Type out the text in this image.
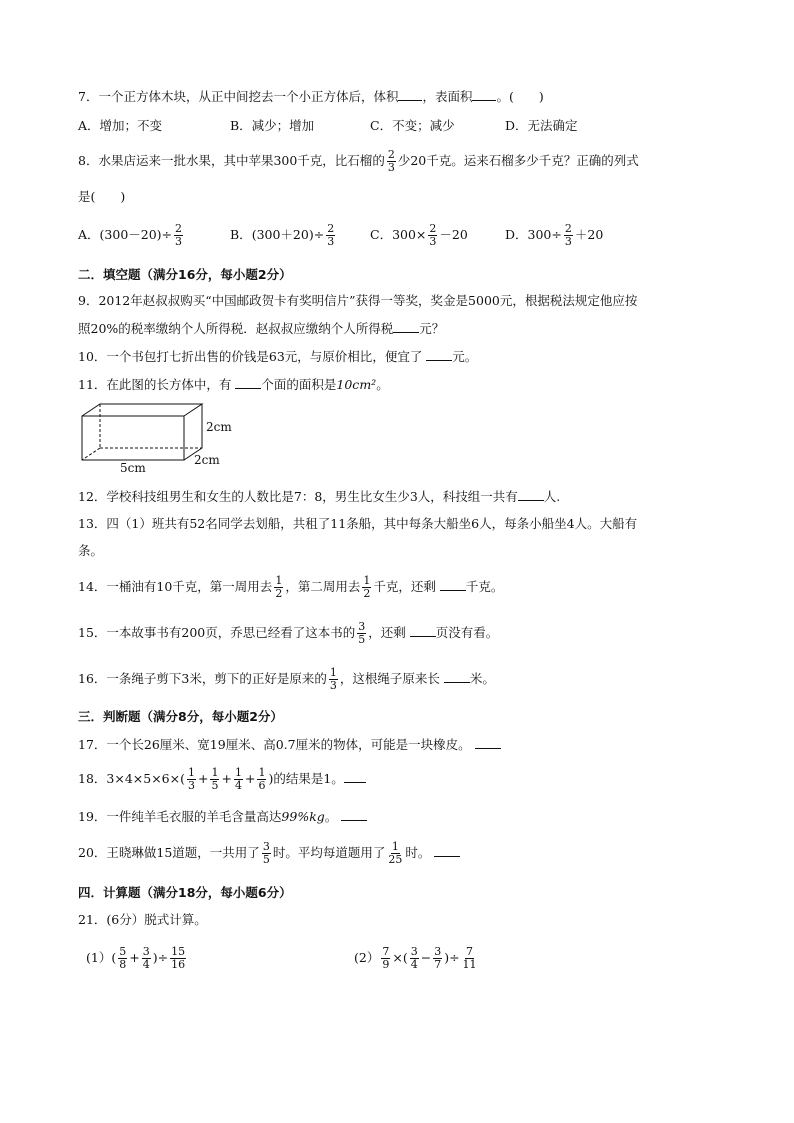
7．一个正方体木块，从正中间挖去一个小正方体后，体积 ，表面积 。(　　)
A．增加；不变	B．减少；增加	C．不变；减少	D．无法确定
8．水果店运来一批水果，其中苹果300千克，比石榴的 $\frac{2}{3}$ 少20千克。运来石榴多少千克？正确的列式
是(　　)
A．$(300-20)\div \frac{2}{3}$	B．$(300+20)\div \frac{2}{3}$	C．$300\times \frac{2}{3} -20$	D．$300\div \frac{2}{3} +20$
二．填空题（满分16分，每小题2分）
9．2012年赵叔叔购买“中国邮政贺卡有奖明信片”获得一等奖，奖金是5000元，根据税法规定他应按
照20%的税率缴纳个人所得税．赵叔叔应缴纳个人所得税 元？
10．一个书包打七折出售的价钱是63元，与原价相比，便宜了 元。
11．在此图的长方体中，有 个面的面积是10cm²。
2cm
2cm
5cm
12．学校科技组男生和女生的人数比是7：8，男生比女生少3人，科技组一共有 人.
13．四（1）班共有52名同学去划船，共租了11条船，其中每条大船坐6人，每条小船坐4人。大船有
条。
14．一桶油有10千克，第一周用去 $\frac{1}{2}$ ，第二周用去 $\frac{1}{2}$ 千克，还剩 千克。
15．一本故事书有200页，乔思已经看了这本书的 $\frac{3}{5}$ ，还剩 页没有看。
16．一条绳子剪下3米，剪下的正好是原来的 $\frac{1}{3}$ ，这根绳子原来长 米。
三．判断题（满分8分，每小题2分）
17．一个长26厘米、宽19厘米、高0.7厘米的物体，可能是一块橡皮。
18．$3\times 4\times 5\times 6\times( \frac{1}{3} + \frac{1}{5} + \frac{1}{4} + \frac{1}{6}$ )的结果是1。
19．一件纯羊毛衣服的羊毛含量高达99%kg。
20．王晓琳做15道题，一共用了 $\frac{3}{5}$ 时。平均每道题用了 $\frac{1}{25}$ 时。
四．计算题（满分18分，每小题6分）
21．(6分）脱式计算。
$(1)( \frac{5}{8} + \frac{3}{4}$ )÷ $\frac{15}{16}$	$(2) \frac{7}{9}$ ×( $\frac{3}{4} - \frac{3}{7}$ )÷ $\frac{7}{11}$
